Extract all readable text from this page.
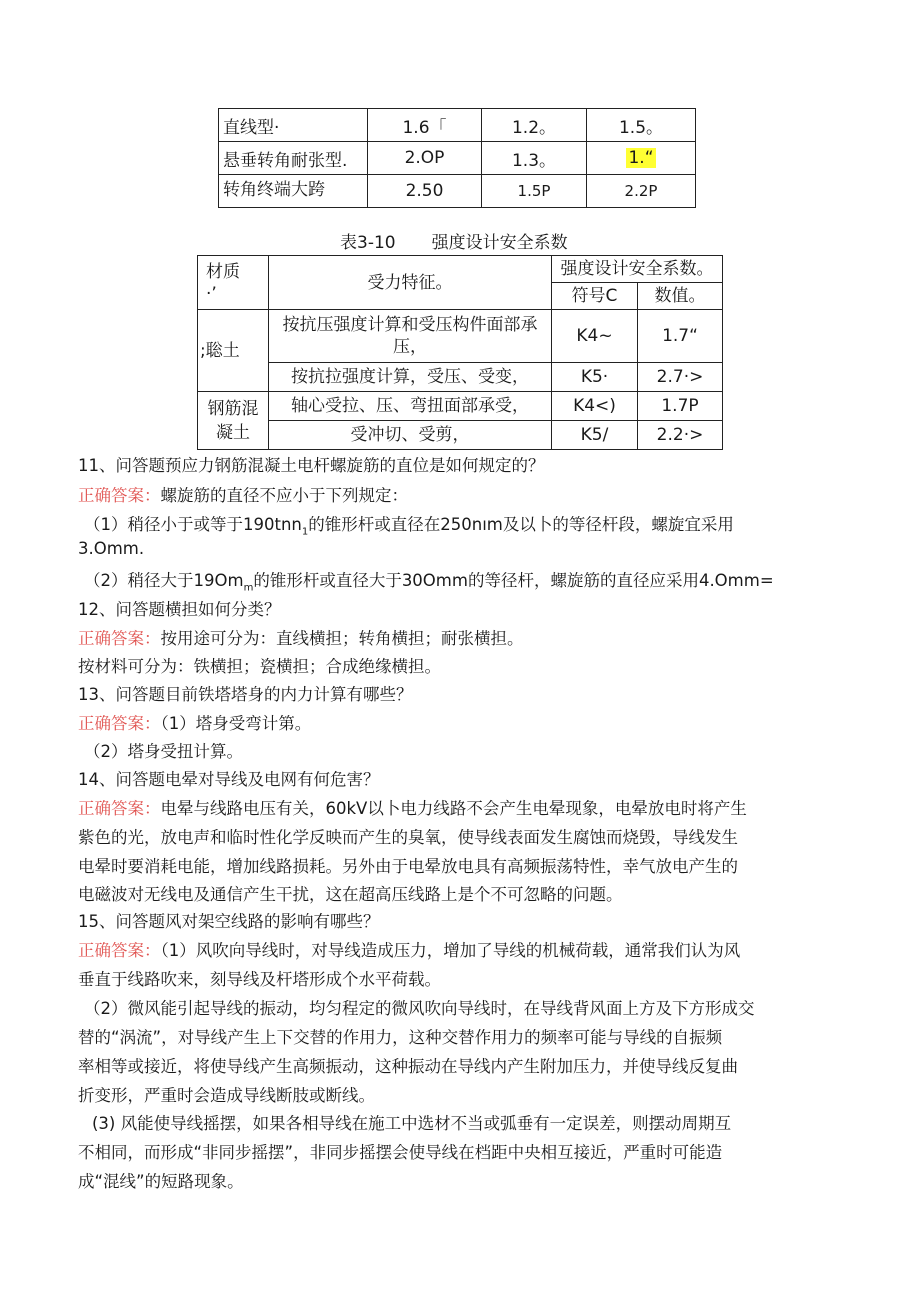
直线型·	1.6「	1.2。	1.5。
悬垂转角耐张型.	2.OP	1.3。	1.“
转角终端大跨	2.50	1.5P	2.2P
表3-10 强度设计安全系数
材质
·’	受力特征。	强度设计安全系数。	
		符号C	数值。
;聡土	按抗压强度计算和受压构件面部承
压，	K4~	1.7“
	按抗拉强度计算，受压、受变，	K5·	2.7·>
钢筋混
凝土	轴心受拉、压、弯扭面部承受，	K4<)	1.7P
	受冲切、受剪，	K5/	2.2·>
11、问答题预应力钢筋混凝土电杆螺旋筋的直位是如何规定的？
正确答案：螺旋筋的直径不应小于下列规定：
（1）稍径小于或等于190tnn$_1$的锥形杆或直径在250nım及以卜的等径杆段，螺旋宜采用
3.Omm.
（2）稍径大于$19Om_m$的锥形杆或直径大于30Omm的等径杆，螺旋筋的直径应采用4.Omm=
12、问答题横担如何分类？
正确答案：按用途可分为：直线横担；转角横担；耐张横担。
按材料可分为：铁横担；瓷横担；合成绝缘横担。
13、问答题目前铁塔塔身的内力计算有哪些？
正确答案：（1）塔身受弯计第。
（2）塔身受扭计算。
14、问答题电晕对导线及电网有何危害？
正确答案：电晕与线路电压有关，60kV以卜电力线路不会产生电晕现象，电晕放电时将产生
紫色的光，放电声和临时性化学反映而产生的臭氧，使导线表面发生腐蚀而烧毁，导线发生
电晕时要消耗电能，增加线路损耗。另外由于电晕放电具有高频振荡特性，幸气放电产生的
电磁波对无线电及通信产生干扰，这在超高压线路上是个不可忽略的问题。
15、问答题风对架空线路的影响有哪些？
正确答案：（1）风吹向导线时，对导线造成压力，增加了导线的机械荷载，通常我们认为风
垂直于线路吹来，刻导线及杆塔形成个水平荷载。
（2）微风能引起导线的振动，均匀程定的微风吹向导线时，在导线背风面上方及下方形成交
替的“涡流”，对导线产生上下交替的作用力，这种交替作用力的频率可能与导线的自振频
率相等或接近，将使导线产生高频振动，这种振动在导线内产生附加压力，并使导线反复曲
折变形，严重时会造成导线断肢或断线。
(3) 风能使导线摇摆，如果各相导线在施工中选材不当或弧垂有一定误差，则摆动周期互
不相同，而形成“非同步摇摆”，非同步摇摆会使导线在档距中央相互接近，严重时可能造
成“混线”的短路现象。
